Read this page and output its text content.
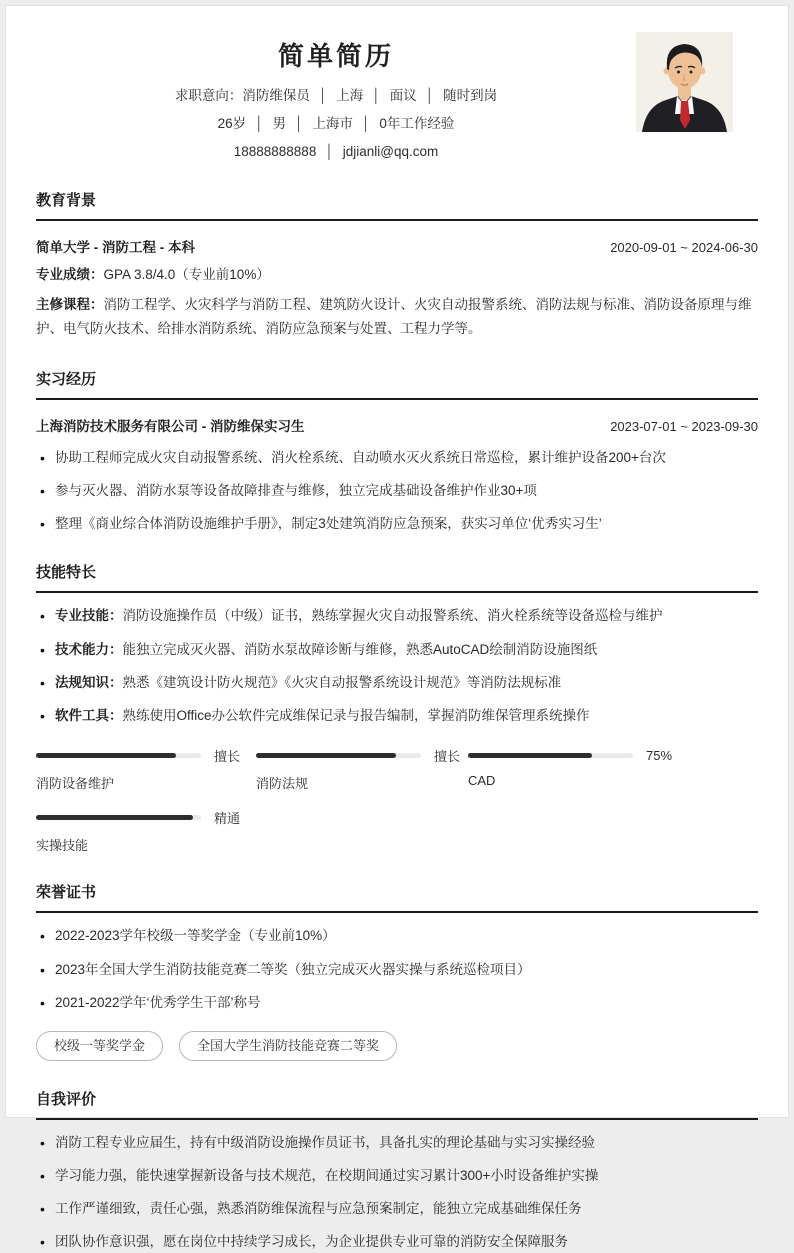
简单简历
求职意向：消防维保员 │ 上海 │ 面议 │ 随时到岗
26岁 │ 男 │ 上海市 │ 0年工作经验
18888888888 │ jdjianli@qq.com
教育背景
简单大学 - 消防工程 - 本科	2020-09-01 ~ 2024-06-30
专业成绩：GPA 3.8/4.0（专业前10%）
主修课程：消防工程学、火灾科学与消防工程、建筑防火设计、火灾自动报警系统、消防法规与标准、消防设备原理与维护、电气防火技术、给排水消防系统、消防应急预案与处置、工程力学等。
实习经历
上海消防技术服务有限公司 - 消防维保实习生	2023-07-01 ~ 2023-09-30
• 协助工程师完成火灾自动报警系统、消火栓系统、自动喷水灭火系统日常巡检，累计维护设备200+台次
• 参与灭火器、消防水泵等设备故障排查与维修，独立完成基础设备维护作业30+项
• 整理《商业综合体消防设施维护手册》，制定3处建筑消防应急预案，获实习单位‘优秀实习生’
技能特长
• 专业技能：消防设施操作员（中级）证书，熟练掌握火灾自动报警系统、消火栓系统等设备巡检与维护
• 技术能力：能独立完成灭火器、消防水泵故障诊断与维修，熟悉AutoCAD绘制消防设施图纸
• 法规知识：熟悉《建筑设计防火规范》《火灾自动报警系统设计规范》等消防法规标准
• 软件工具：熟练使用Office办公软件完成维保记录与报告编制，掌握消防维保管理系统操作
擅长
消防设备维护
擅长
消防法规
75%
CAD
精通
实操技能
荣誉证书
• 2022-2023学年校级一等奖学金（专业前10%）
• 2023年全国大学生消防技能竞赛二等奖（独立完成灭火器实操与系统巡检项目）
• 2021-2022学年‘优秀学生干部’称号
校级一等奖学金	全国大学生消防技能竞赛二等奖
自我评价
• 消防工程专业应届生，持有中级消防设施操作员证书，具备扎实的理论基础与实习实操经验
• 学习能力强，能快速掌握新设备与技术规范，在校期间通过实习累计300+小时设备维护实操
• 工作严谨细致，责任心强，熟悉消防维保流程与应急预案制定，能独立完成基础维保任务
• 团队协作意识强，愿在岗位中持续学习成长，为企业提供专业可靠的消防安全保障服务
